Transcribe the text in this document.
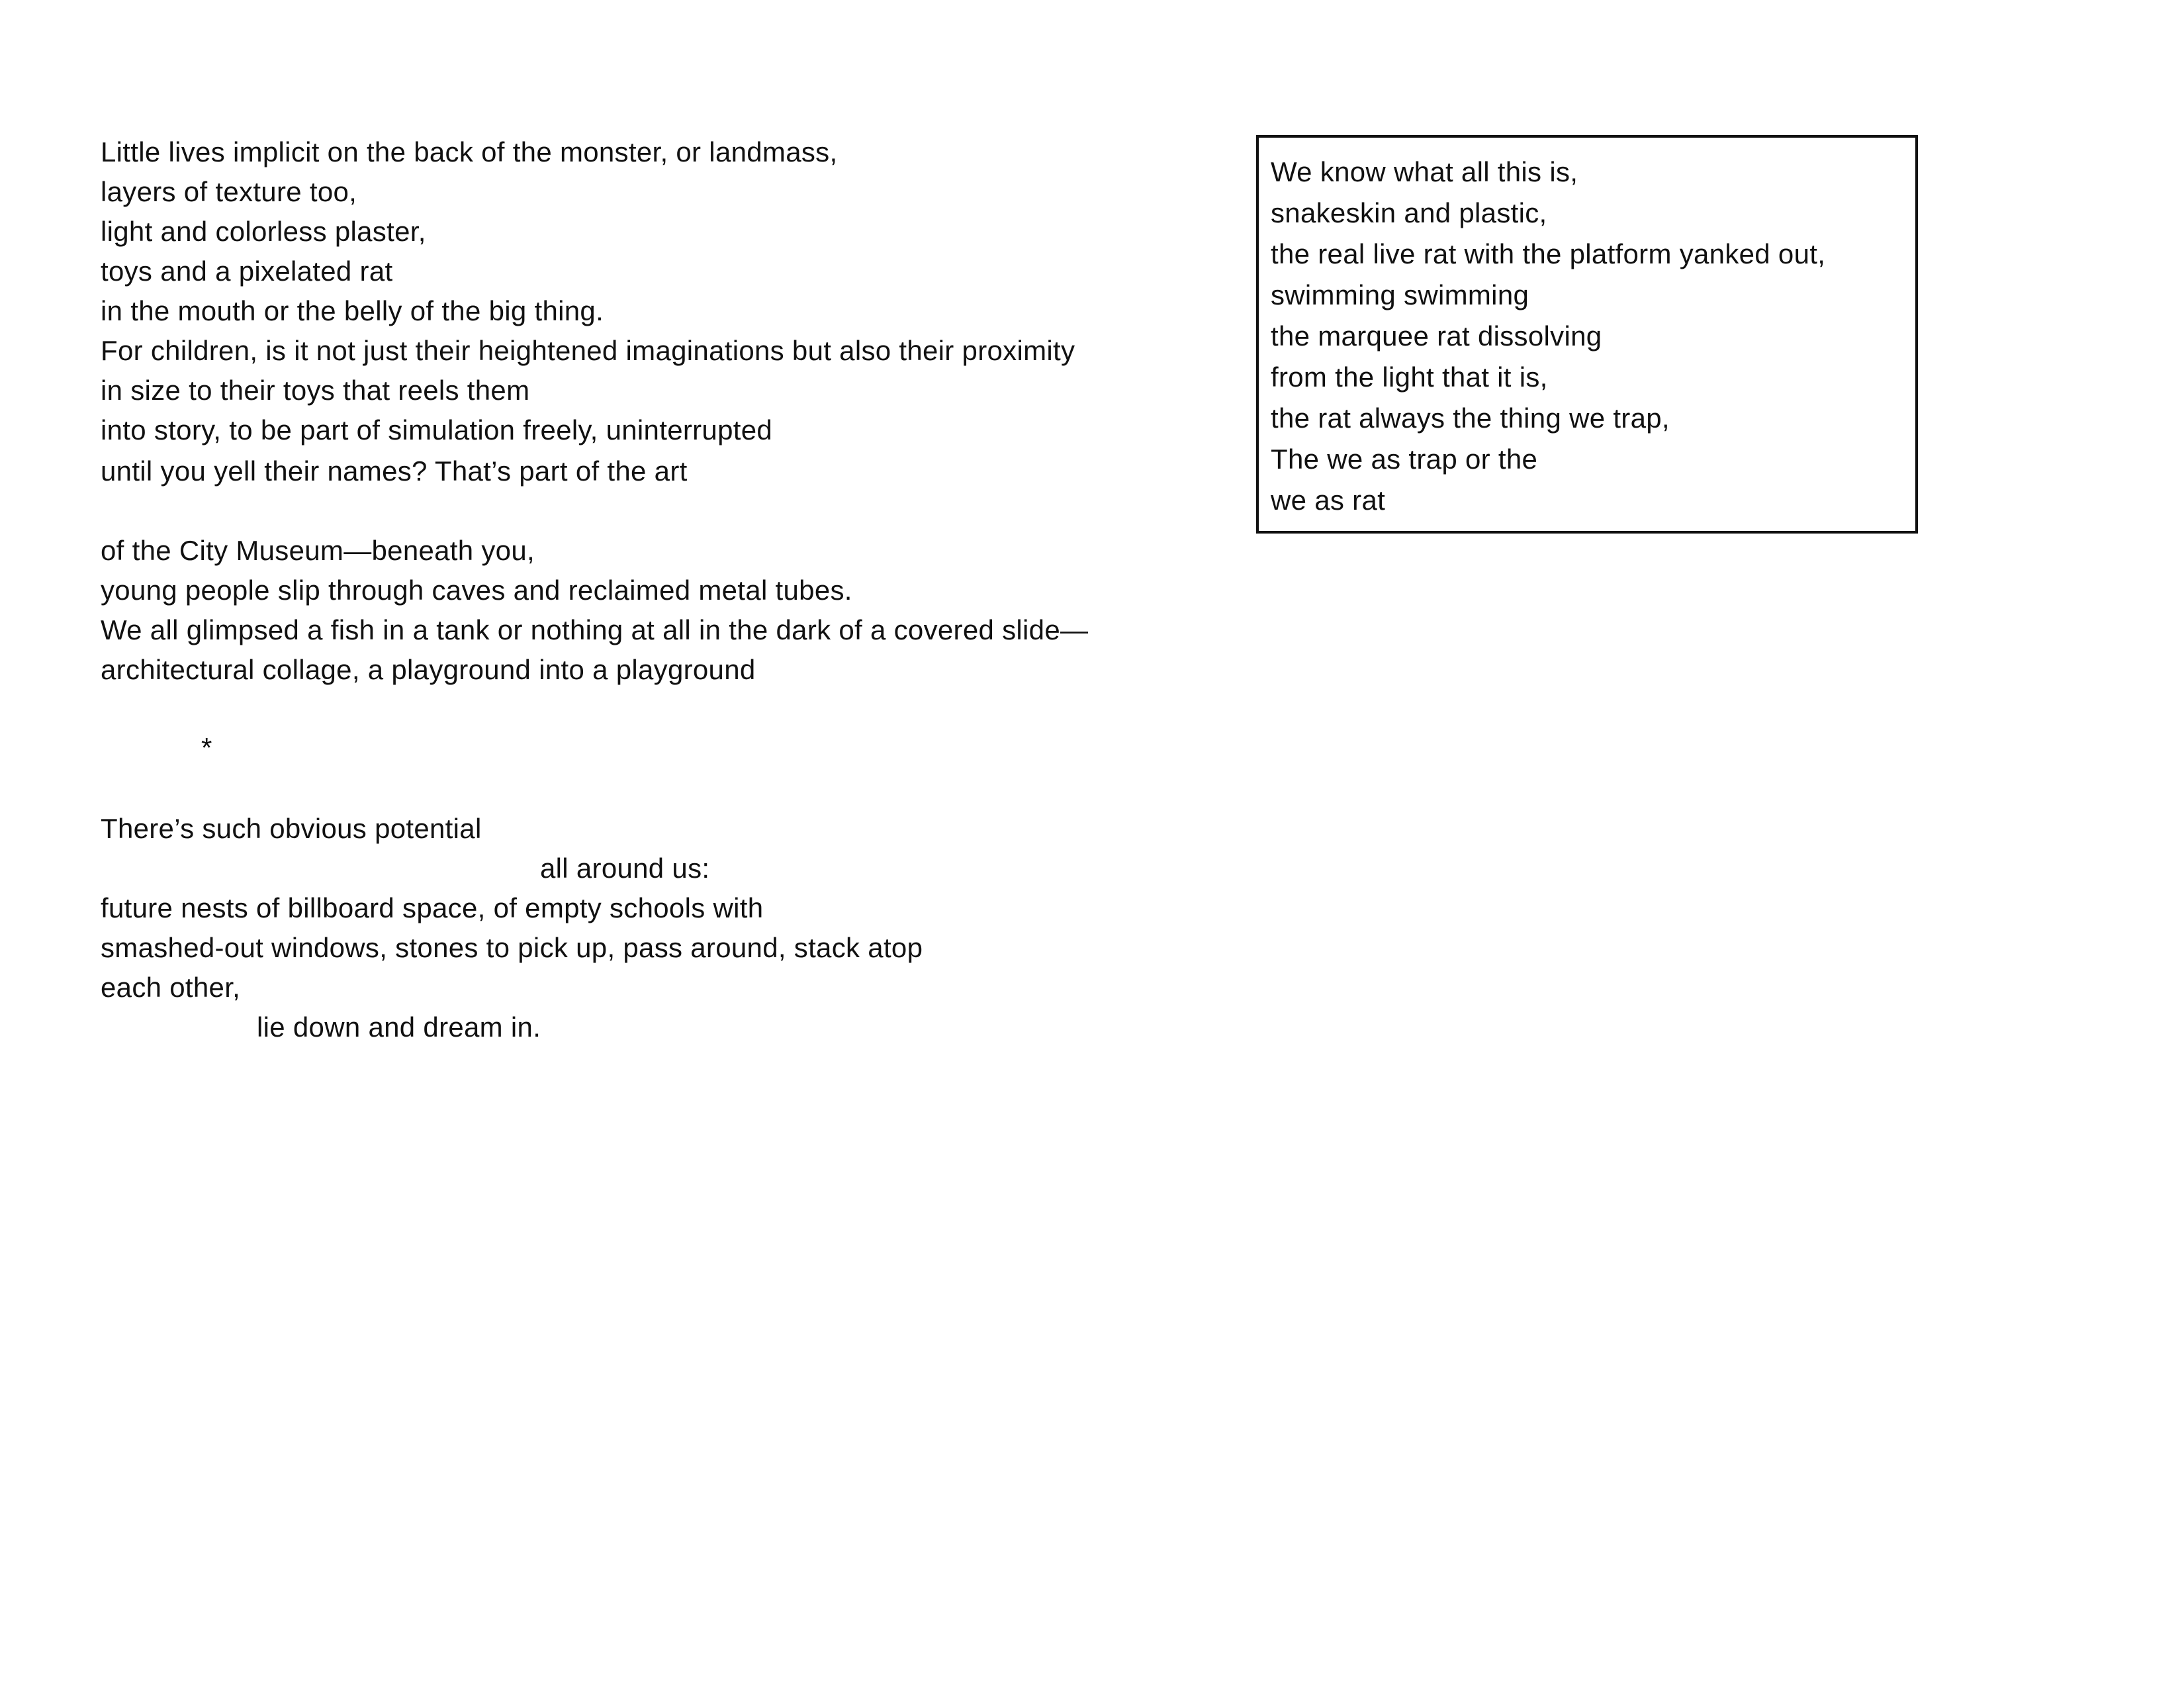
Little lives implicit on the back of the monster, or landmass,
layers of texture too,
light and colorless plaster,
toys and a pixelated rat
in the mouth or the belly of the big thing.
For children, is it not just their heightened imaginations but also their proximity
in size to their toys that reels them
into story, to be part of simulation freely, uninterrupted
until you yell their names? That’s part of the art
of the City Museum—beneath you,
young people slip through caves and reclaimed metal tubes.
We all glimpsed a fish in a tank or nothing at all in the dark of a covered slide—
architectural collage, a playground into a playground
*
There’s such obvious potential
all around us:
future nests of billboard space, of empty schools with
smashed-out windows, stones to pick up, pass around, stack atop
each other,
lie down and dream in.
We know what all this is,
snakeskin and plastic,
the real live rat with the platform yanked out,
swimming swimming
the marquee rat dissolving
from the light that it is,
the rat always the thing we trap,
The we as trap or the
we as rat
